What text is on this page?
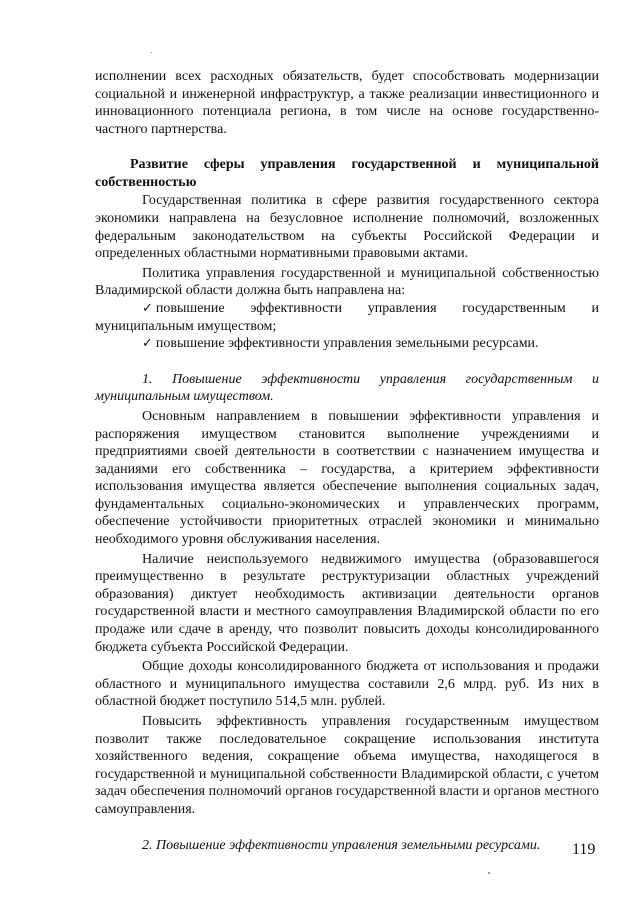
исполнении всех расходных обязательств, будет способствовать модернизации социальной и инженерной инфраструктур, а также реализации инвестиционного и инновационного потенциала региона, в том числе на основе государственно-частного партнерства.

Развитие сферы управления государственной и муниципальной собственностью

Государственная политика в сфере развития государственного сектора экономики направлена на безусловное исполнение полномочий, возложенных федеральным законодательством на субъекты Российской Федерации и определенных областными нормативными правовыми актами.

Политика управления государственной и муниципальной собственностью Владимирской области должна быть направлена на:

✓ повышение эффективности управления государственным и муниципальным имуществом;

✓ повышение эффективности управления земельными ресурсами.

1. Повышение эффективности управления государственным и муниципальным имуществом.

Основным направлением в повышении эффективности управления и распоряжения имуществом становится выполнение учреждениями и предприятиями своей деятельности в соответствии с назначением имущества и заданиями его собственника – государства, а критерием эффективности использования имущества является обеспечение выполнения социальных задач, фундаментальных социально-экономических и управленческих программ, обеспечение устойчивости приоритетных отраслей экономики и минимально необходимого уровня обслуживания населения.

Наличие неиспользуемого недвижимого имущества (образовавшегося преимущественно в результате реструктуризации областных учреждений образования) диктует необходимость активизации деятельности органов государственной власти и местного самоуправления Владимирской области по его продаже или сдаче в аренду, что позволит повысить доходы консолидированного бюджета субъекта Российской Федерации.

Общие доходы консолидированного бюджета от использования и продажи областного и муниципального имущества составили 2,6 млрд. руб. Из них в областной бюджет поступило 514,5 млн. рублей.

Повысить эффективность управления государственным имуществом позволит также последовательное сокращение использования института хозяйственного ведения, сокращение объема имущества, находящегося в государственной и муниципальной собственности Владимирской области, с учетом задач обеспечения полномочий органов государственной власти и органов местного самоуправления.

2. Повышение эффективности управления земельными ресурсами.	119
